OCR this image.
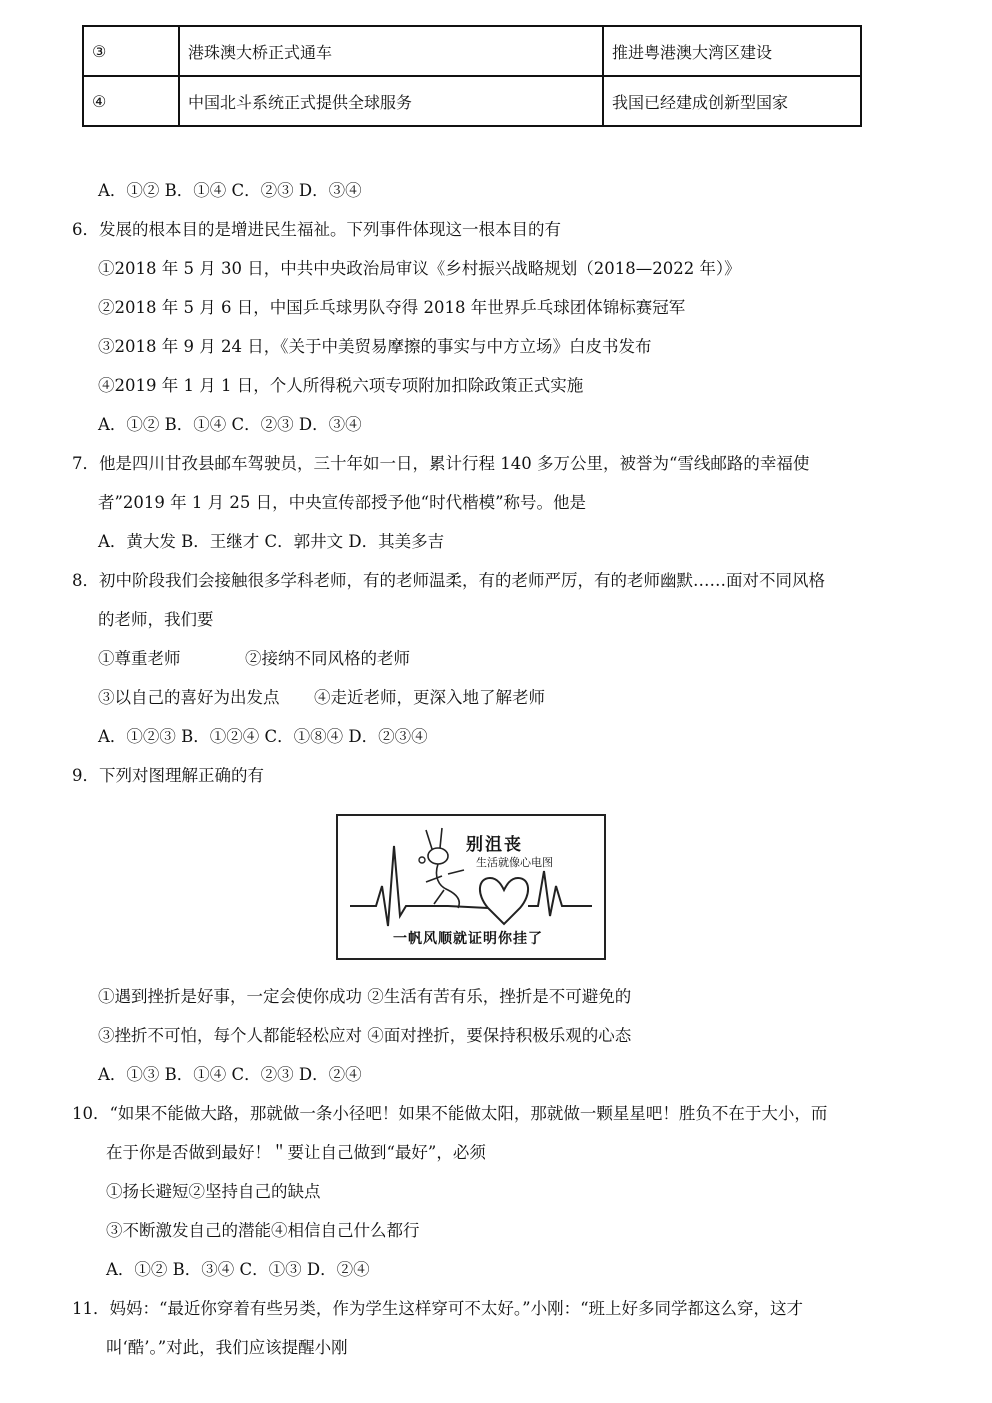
③	港珠澳大桥正式通车	推进粤港澳大湾区建设
④	中国北斗系统正式提供全球服务	我国已经建成创新型国家
A．①② B．①④ C．②③ D．③④
6．发展的根本目的是增进民生福祉。下列事件体现这一根本目的有
①2018 年 5 月 30 日，中共中央政治局审议《乡村振兴战略规划（2018—2022 年）》
②2018 年 5 月 6 日，中国乒乓球男队夺得 2018 年世界乒乓球团体锦标赛冠军
③2018 年 9 月 24 日，《关于中美贸易摩擦的事实与中方立场》白皮书发布
④2019 年 1 月 1 日，个人所得税六项专项附加扣除政策正式实施
A．①② B．①④ C．②③ D．③④
7．他是四川甘孜县邮车驾驶员，三十年如一日，累计行程 140 多万公里，被誉为“雪线邮路的幸福使
者”2019 年 1 月 25 日，中央宣传部授予他“时代楷模”称号。他是
A．黄大发 B．王继才 C．郭井文 D．其美多吉
8．初中阶段我们会接触很多学科老师，有的老师温柔，有的老师严厉，有的老师幽默……面对不同风格
的老师，我们要
①尊重老师	②接纳不同风格的老师
③以自己的喜好为出发点 ④走近老师，更深入地了解老师
A．①②③ B．①②④ C．①⑧④ D．②③④
9．下列对图理解正确的有
别沮丧
生活就像心电图
一帆风顺就证明你挂了
①遇到挫折是好事，一定会使你成功 ②生活有苦有乐，挫折是不可避免的
③挫折不可怕，每个人都能轻松应对 ④面对挫折，要保持积极乐观的心态
A．①③ B．①④ C．②③ D．②④
10．“如果不能做大路，那就做一条小径吧！如果不能做太阳，那就做一颗星星吧！胜负不在于大小，而
在于你是否做到最好！＂要让自己做到“最好”，必须
①扬长避短②坚持自己的缺点
③不断激发自己的潜能④相信自己什么都行
A．①② B．③④ C．①③ D．②④
11．妈妈：“最近你穿着有些另类，作为学生这样穿可不太好。”小刚：“班上好多同学都这么穿，这才
叫‘酷’。”对此，我们应该提醒小刚
